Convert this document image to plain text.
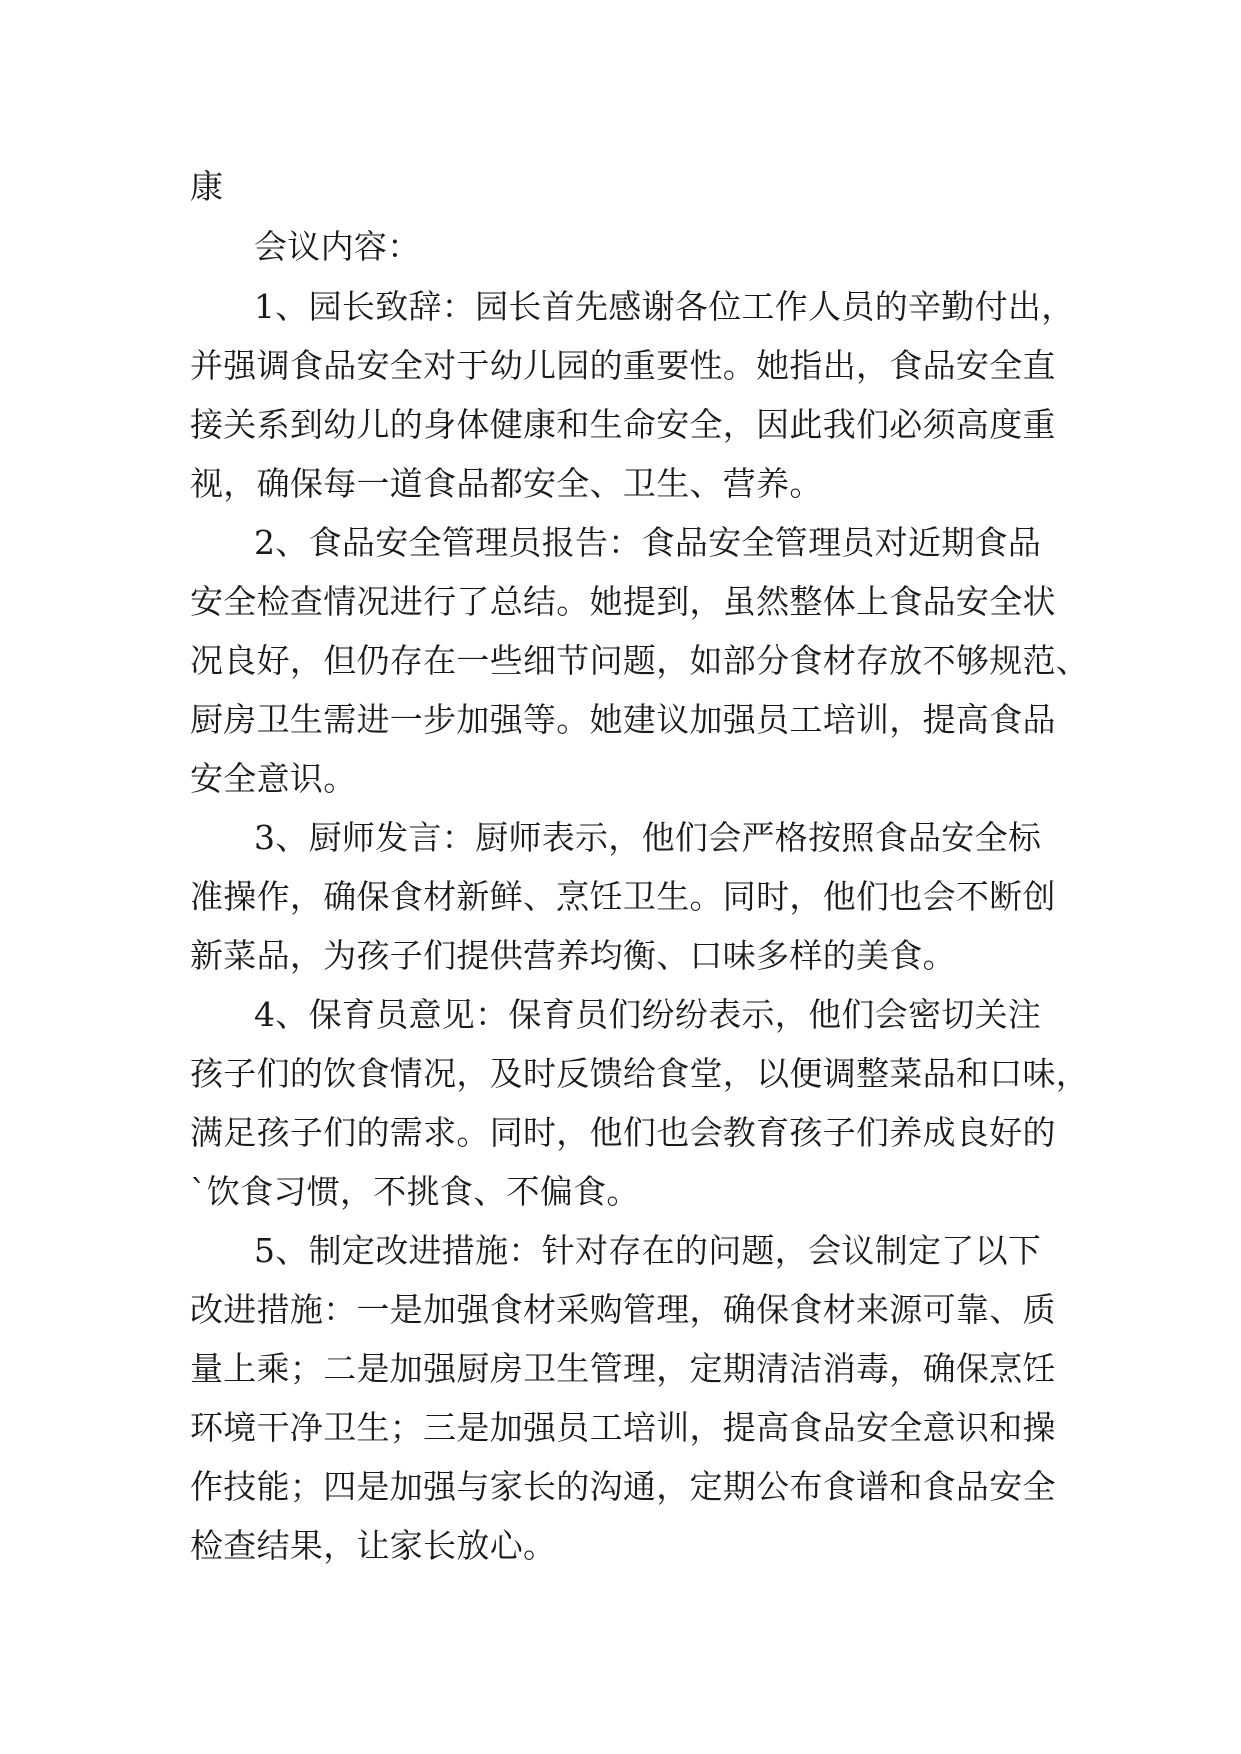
康
会议内容：
1、园长致辞：园长首先感谢各位工作人员的辛勤付出，
并强调食品安全对于幼儿园的重要性。她指出，食品安全直
接关系到幼儿的身体健康和生命安全，因此我们必须高度重
视，确保每一道食品都安全、卫生、营养。
2、食品安全管理员报告：食品安全管理员对近期食品
安全检查情况进行了总结。她提到，虽然整体上食品安全状
况良好，但仍存在一些细节问题，如部分食材存放不够规范、
厨房卫生需进一步加强等。她建议加强员工培训，提高食品
安全意识。
3、厨师发言：厨师表示，他们会严格按照食品安全标
准操作，确保食材新鲜、烹饪卫生。同时，他们也会不断创
新菜品，为孩子们提供营养均衡、口味多样的美食。
4、保育员意见：保育员们纷纷表示，他们会密切关注
孩子们的饮食情况，及时反馈给食堂，以便调整菜品和口味，
满足孩子们的需求。同时，他们也会教育孩子们养成良好的
`饮食习惯，不挑食、不偏食。
5、制定改进措施：针对存在的问题，会议制定了以下
改进措施：一是加强食材采购管理，确保食材来源可靠、质
量上乘；二是加强厨房卫生管理，定期清洁消毒，确保烹饪
环境干净卫生；三是加强员工培训，提高食品安全意识和操
作技能；四是加强与家长的沟通，定期公布食谱和食品安全
检查结果，让家长放心。
